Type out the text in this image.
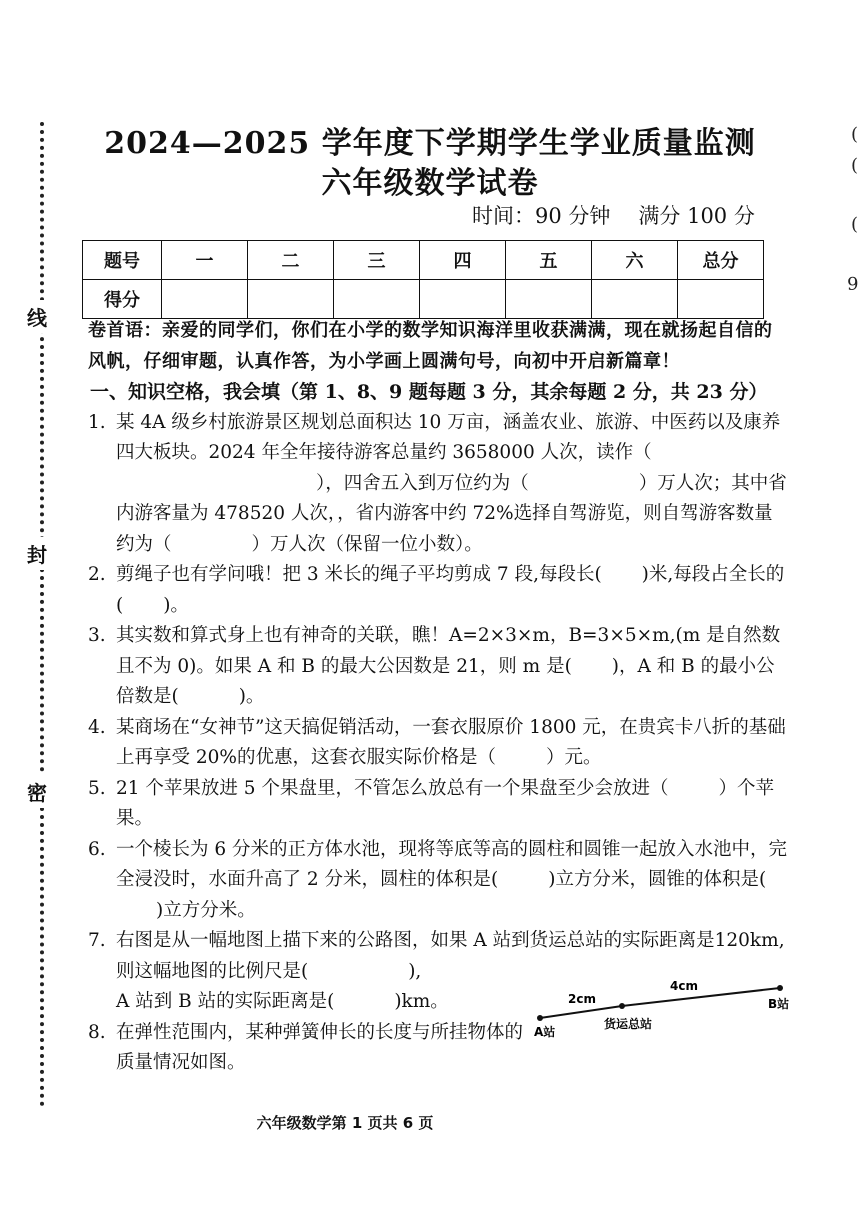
线
封
密
(
(
(
6
2024—2025 学年度下学期学生学业质量监测
六年级数学试卷
时间：90 分钟 满分 100 分
题号	一	二	三	四	五	六	总分
得分							
卷首语：亲爱的同学们，你们在小学的数学知识海洋里收获满满，现在就扬起自信的风帆，仔细审题，认真作答，为小学画上圆满句号，向初中开启新篇章！
一、知识空格，我会填（第 1、8、9 题每题 3 分，其余每题 2 分，共 23 分）
1. 某 4A 级乡村旅游景区规划总面积达 10 万亩，涵盖农业、旅游、中医药以及康养四大板块。2024 年全年接待游客总量约 3658000 人次，读作（），四舍五入到万位约为（	）万人次；其中省内游客量为 478520 人次，，省内游客中约 72%选择自驾游览，则自驾游客数量约为（	）万人次（保留一位小数）。

2. 剪绳子也有学问哦！把 3 米长的绳子平均剪成 7 段,每段长( )米,每段占全长的( )。

3. 其实数和算式身上也有神奇的关联，瞧！A=2×3×m，B=3×5×m,(m 是自然数且不为 0)。如果 A 和 B 的最大公因数是 21，则 m 是( )，A 和 B 的最小公倍数是(	)。

4. 某商场在“女神节”这天搞促销活动，一套衣服原价 1800 元，在贵宾卡八折的基础上再享受 20%的优惠，这套衣服实际价格是（	）元。

5. 21 个苹果放进 5 个果盘里，不管怎么放总有一个果盘至少会放进（	）个苹果。

6. 一个棱长为 6 分米的正方体水池，现将等底等高的圆柱和圆锥一起放入水池中，完全浸没时，水面升高了 2 分米，圆柱的体积是(	)立方分米，圆锥的体积是()立方分米。

7. 右图是从一幅地图上描下来的公路图，如果 A 站到货运总站的实际距离是120km,则这幅地图的比例尺是(	),

A 站到 B 站的实际距离是(	)km。

8. 在弹性范围内，某种弹簧伸长的长度与所挂物体的质量情况如图。

2cm
4cm
A站
货运总站
B站
六年级数学第 1 页共 6 页
